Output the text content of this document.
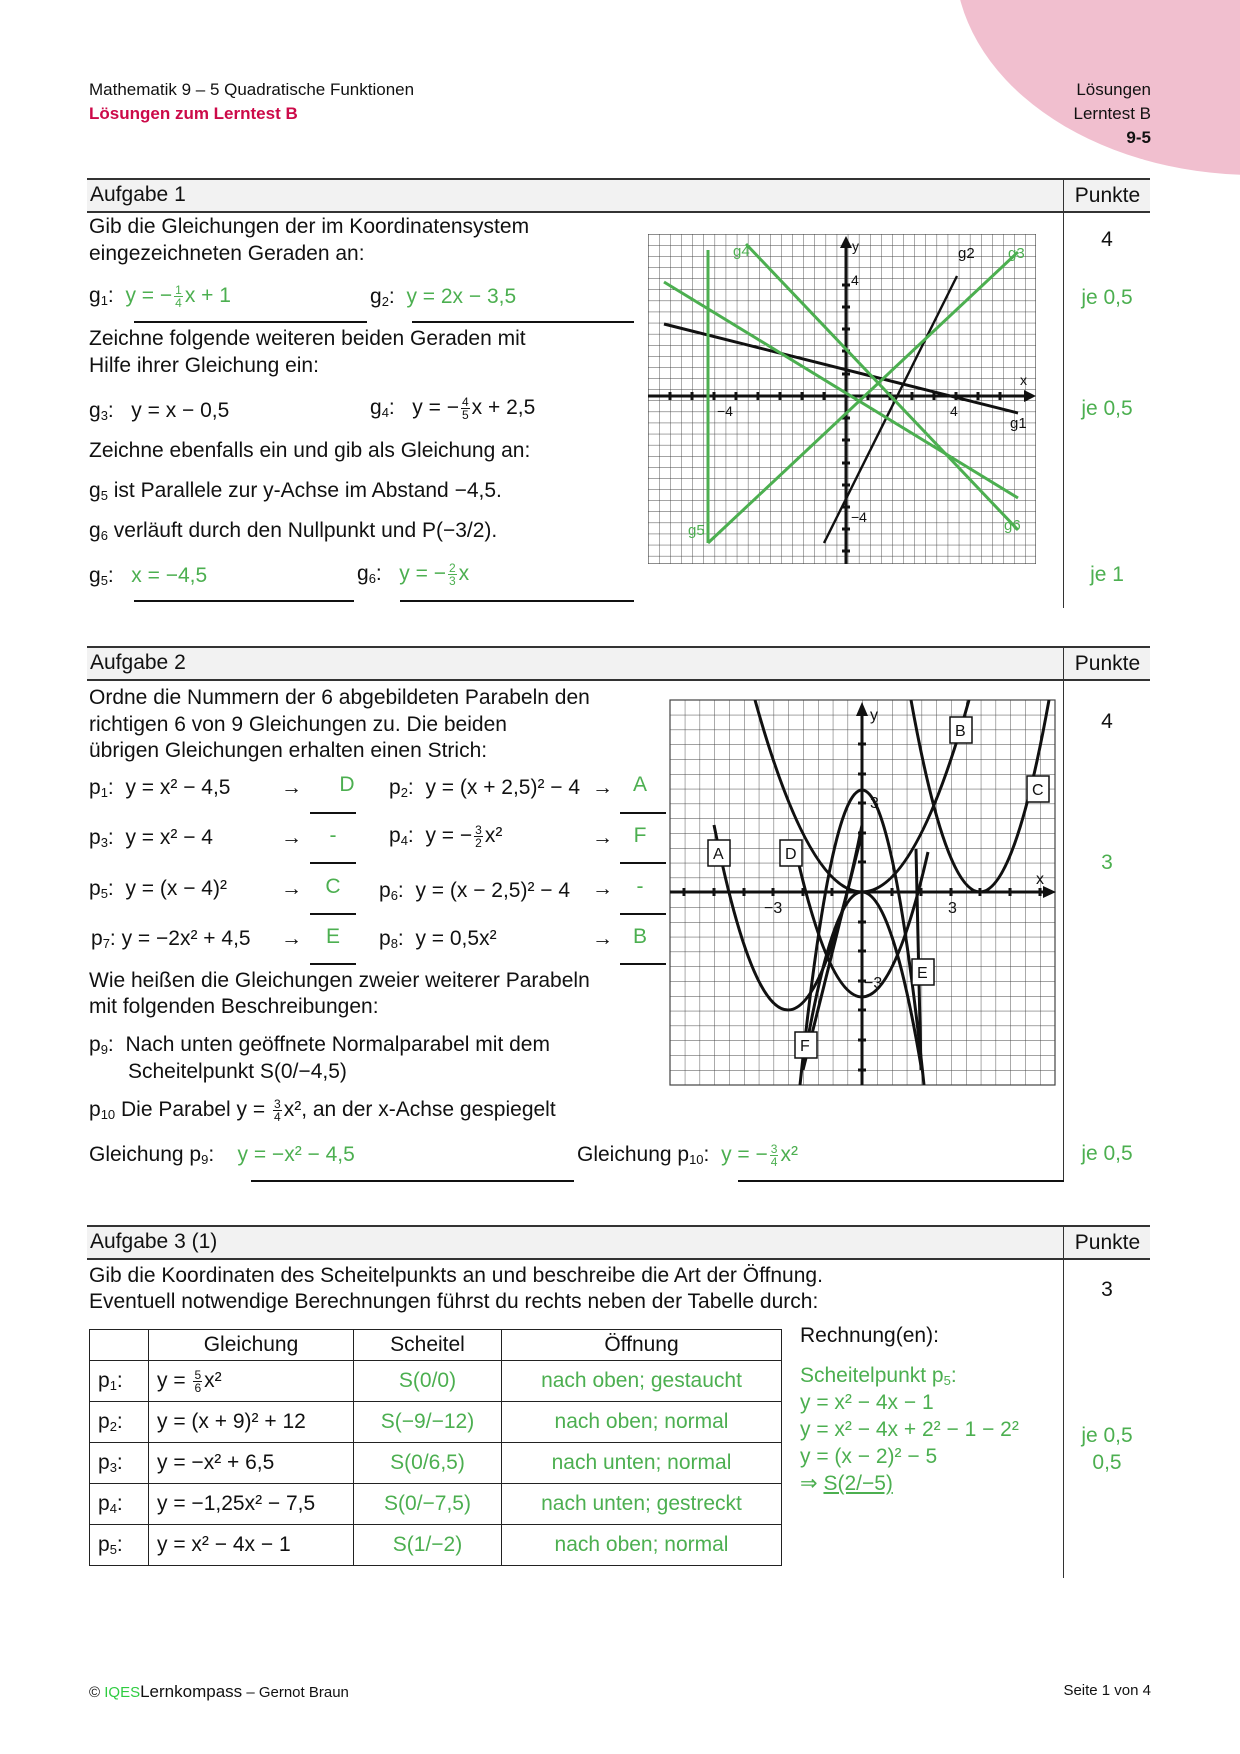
Mathematik 9 – 5 Quadratische Funktionen
Lösungen zum Lerntest B
Lösungen
Lerntest B
9-5
Aufgabe 1	Punkte
Gib die Gleichungen der im Koordinatensystem
eingezeichneten Geraden an:
$g_1$:  y = − $\frac{1}{4}$ x + 1	$g_2$:  y = 2x − 3,5
Zeichne folgende weiteren beiden Geraden mit
Hilfe ihrer Gleichung ein:
$g_3$:   y = x − 0,5	$g_4$:   y = − $\frac{4}{5}$ x + 2,5
Zeichne ebenfalls ein und gib als Gleichung an:
$g_5$ ist Parallele zur y-Achse im Abstand −4,5.
$g_6$ verläuft durch den Nullpunkt und P(−3/2).
$g_5$:   x = −4,5	$g_6$:   y = − $\frac{2}{3}$ x
4
je 0,5
je 0,5
je 1
y
x
4
−4
4
−4
g4	g3
g5	g6
g2
g1
Aufgabe 2	Punkte
Ordne die Nummern der 6 abgebildeten Parabeln den
richtigen 6 von 9 Gleichungen zu. Die beiden
übrigen Gleichungen erhalten einen Strich:
$p_1$:  y = x² − 4,5 →	D	$p_2$:  y = (x + 2,5)² − 4 → A
$p_3$:  y = x² − 4	→	-	$p_4$:  y = − $\frac{3}{2} x^2$	→ F
$p_5$:  y = (x − 4)²	→	C	$p_6$:  y = (x − 2,5)² − 4 →	-
$p_7$: y = −2x² + 4,5 →	E	$p_8$:  y = 0,5x²	→ B
Wie heißen die Gleichungen zweier weiterer Parabeln
mit folgenden Beschreibungen:
$p_9$:  Nach unten geöffnete Normalparabel mit dem
Scheitelpunkt S(0/−4,5)
$p_{10}$ Die Parabel $y = \frac{3}{4} x^2$, an der x-Achse gespiegelt
Gleichung $p_9$:    y = −x² − 4,5	Gleichung $p_{10}$:  y = − $\frac{3}{4} x^2$
4
3
je 0,5
y
x
3
−3
3
−3
A
B
C
D
E
F
Aufgabe 3 (1)	Punkte
Gib die Koordinaten des Scheitelpunkts an und beschreibe die Art der Öffnung.
Eventuell notwendige Berechnungen führst du rechts neben der Tabelle durch:
	Gleichung	Scheitel	Öffnung
$p_1$:	$y = \frac{5}{6} x^2$	S(0/0)	nach oben; gestaucht
$p_2$:	y = (x + 9)² + 12	S(−9/−12)	nach oben; normal
$p_3$:	y = −x² + 6,5	S(0/6,5)	nach unten; normal
$p_4$:	y = −1,25x² − 7,5	S(0/−7,5)	nach unten; gestreckt
$p_5$:	y = x² − 4x − 1	S(1/−2)	nach oben; normal
Rechnung(en):
Scheitelpunkt $p_5$:
y = x² − 4x − 1
y = x² − 4x + 2² − 1 − 2²
y = (x − 2)² − 5
⇒ S(2/−5)
3
je 0,5
0,5
© IQESLernkompass – Gernot Braun	Seite 1 von 4
